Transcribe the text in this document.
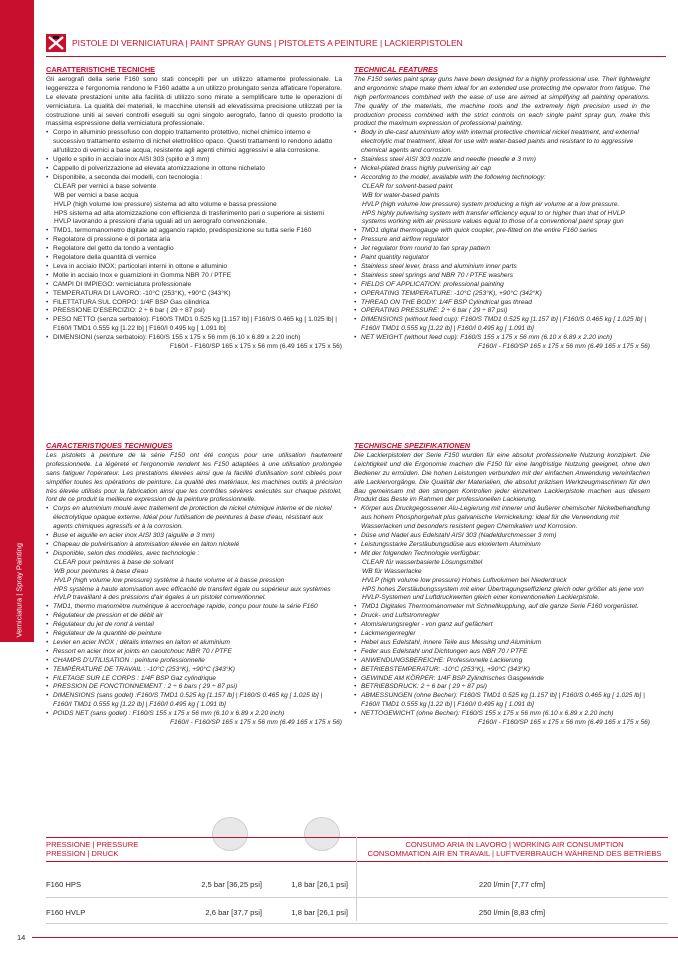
Verniciatura | Spray Painting
PISTOLE DI VERNICIATURA | PAINT SPRAY GUNS | PISTOLETS A PEINTURE | LACKIERPISTOLEN
CARATTERISTICHE TECNICHE

Gli aerografi della serie F160 sono stati concepiti per un utilizzo altamente professionale. La leggerezza e l'ergonomia rendono le F160 adatte a un utilizzo prolungato senza affaticare l'operatore. Le elevate prestazioni unite alla facilità di utilizzo sono mirate a semplificare tutte le operazioni di verniciatura. La qualità dei materiali, le macchine utensili ad elevatissima precisione utilizzati per la costruzione uniti ai severi controlli eseguiti su ogni singolo aerografo, fanno di questo prodotto la massima espressione della verniciatura professionale.

• Corpo in alluminio pressofuso con doppio trattamento protettivo, nichel chimico interno e successivo trattamento esterno di nichel elettrolitico opaco. Questi trattamenti lo rendono adatto all'utilizzo di vernici a base acqua, resistente agli agenti chimici aggressivi e alla corrosione.
• Ugello e spillo in acciaio inox AISI 303 (spillo ø 3 mm)
• Cappello di polverizzazione ad elevata atomizzazione in ottone nichelato
• Disponibile, a seconda dei modelli, con tecnologia :
CLEAR per vernici a base solvente
WB per vernici a base acqua
HVLP (high volume low pressure) sistema ad alto volume e bassa pressione
HPS sistema ad alta atomizzazione con efficienza di trasferimento pari o superiore ai sistemi HVLP lavorando a pressioni d'aria uguali ad un aerografo convenzionale.
• TMD1, termomanometro digitale ad aggancio rapido, predisposizione su tutta serie F160
• Regolatore di pressione e di portata aria
• Regolatore del getto da tondo a ventaglio
• Regolatore della quantità di vernice
• Leva in acciaio INOX; particolari interni in ottone e alluminio
• Molle in acciaio Inox e guarnizioni in Gomma NBR 70 / PTFE
• CAMPI DI IMPIEGO: verniciatura professionale
• TEMPERATURA DI LAVORO: -10°C (253°K), +90°C (343°K)
• FILETTATURA SUL CORPO: 1/4F BSP Gas cilindrica
• PRESSIONE D'ESERCIZIO: 2 ÷ 6 bar ( 29 ÷ 87 psi)
• PESO NETTO (senza serbatoio): F160/S TMD1 0.525 kg [1.157 lb] | F160/S 0.465 kg [ 1.025 lb] | F160/I TMD1 0.555 kg [1.22 lb] | F160/I 0.495 kg [ 1.091 lb]
• DIMENSIONI (senza serbatoio): F160/S 155 x 175 x 56 mm (6.10 x 6.89 x 2.20 inch)
F160/I - F160/SP 165 x 175 x 56 mm (6.49 165 x 175 x 56)
TECHNICAL FEATURES

The F150 series paint spray guns have been designed for a highly professional use. Their lightweight and ergonomic shape make them ideal for an extended use protecting the operator from fatigue. The high performances combined with the ease of use are aimed at simplifying all painting operations. The quality of the materials, the machine tools and the extremely high precision used in the production process combined with the strict controls on each single paint spray gun, make this product the maximum expression of professional painting.

• Body in die-cast aluminium alloy with internal protective chemical nickel treatment, and external electrolytic mat treatment, ideal for use with water-based paints and resistant to to aggressive chemical agents and corrosion.
• Stainless steel AISI 303 nozzle and needle (needle ø 3 mm)
• Nickel-plated brass highly pulverising air cap
• According to the model, available with the following technology:
CLEAR for solvent-based paint
WB for water-based paints
HVLP (high volume low pressure) system producing a high air volume at a low pressure.
HPS highly pulverising system with transfer efficiency equal to or higher than that of HVLP systems working with air pressure values equal to those of a conventional paint spray gun
• TMD1 digital thermogauge with quick coupler, pre-fitted on the entire F160 series
• Pressure and airflow regulator
• Jet regulator from round to fan spray pattern
• Paint quantity regulator
• Stainless steel lever, brass and aluminium inner parts
• Stainless steel springs and NBR 70 / PTFE washers
• FIELDS OF APPLICATION: professional painting
• OPERATING TEMPERATURE: -10°C (253°K), +90°C (342°K)
• THREAD ON THE BODY: 1/4F BSP Cylindrical gas thread
• OPERATING PRESSURE: 2 ÷ 6 bar ( 29 ÷ 87 psi)
• DIMENSIONS (without feed cup): F160/S TMD1 0.525 kg [1.157 lb] | F160/S 0.465 kg [ 1.025 lb] | F160/I TMD1 0.555 kg [1.22 lb] | F160/I 0.495 kg [ 1.091 lb]
• NET WEIGHT (without feed cup): F160/S 155 x 175 x 56 mm (6.10 x 6.89 x 2.20 inch)
F160/I - F160/SP 165 x 175 x 56 mm (6.49 165 x 175 x 56)
CARACTERISTIQUES TECHNIQUES

Les pistolets à peinture de la série F150 ont été conçus pour une utilisation hautement professionnelle. La légèreté et l'ergonomie rendent les F150 adaptées à une utilisation prolongée sans fatiguer l'opérateur. Les prestations élevées ainsi que la facilité d'utilisation sont cibleés pour simplifier toutes les opérations de peinture. La qualité des matériaux, les machines outils à précision très élevée utilisés pour la fabrication ainsi que les contrôles sévères exécutés sur chaque pistolet, font de ce produit la meilleure expression de la peinture professionnelle.

• Corps en aluminium moulé avec traitement de protection de nickel chimique interne et de nickel électrolytique opaque externe. Idéal pour l'utilisation de peintures à base d'eau, résistant aux agents chimiques agressifs et à la corrosion.
• Buse et aiguille en acier inox AISI 303 (aiguille ø 3 mm)
• Chapeau de pulvérisation à atomisation élevée en laiton nickelé
• Disponible, selon des modèles, avec technologie :
CLEAR pour peintures à base de solvant
WB pour peintures à base d'eau
HVLP (high volume low pressure) système à haute volume et à basse pression
HPS système à haute atomisation avec efficacité de transfert égale ou supérieur aux systèmes HVLP travaillant à des pressions d'air égales à un pistolet conventionnel.
• TMD1, thermo manomètre numérique à accrochage rapide, conçu pour toute la série F160
• Régulateur de pression et de débit air
• Régulateur du jet de rond à ventail
• Régulateur de la quantité de peinture
• Levier en acier INOX ; détails internes en laiton et aluminium
• Ressort en acier Inox et joints en caoutchouc NBR 70 / PTFE
• CHAMPS D'UTILISATION : peinture professionnelle
• TEMPÉRATURE DE TRAVAIL : -10°C (253°K), +90°C (343°K)
• FILETAGE SUR LE CORPS : 1/4F BSP Gaz cylindrique
• PRESSION DE FONCTIONNEMENT : 2 ÷ 6 bars ( 29 ÷ 87 psi)
• DIMENSIONS (sans godet) :F160/S TMD1 0.525 kg [1.157 lb] | F160/S 0.465 kg [ 1.025 lb] | F160/I TMD1 0.555 kg [1.22 lb] | F160/I 0.495 kg [ 1.091 lb]
• POIDS NET (sans godet) : F160/S 155 x 175 x 56 mm (6.10 x 6.89 x 2.20 inch)
F160/I - F160/SP 165 x 175 x 56 mm (6.49 165 x 175 x 56)
TECHNISCHE SPEZIFIKATIONEN

Die Lackierpistolen der Serie F150 wurden für eine absolut professionelle Nutzung konzipiert. Die Leichtigkeit und die Ergonomie machen die F150 für eine langfristige Nutzung geeignet, ohne den Bediener zu ermüden. Die hohen Leistungen verbunden mit der einfachen Anwendung vereinfachen alle Lackiervorgänge. Die Qualität der Materialien, die absolut präzisen Werkzeugmaschinen für den Bau gemeinsam mit den strengen Kontrollen jeder einzelnen Lackierpistole machen aus diesem Produkt das Beste im Rahmen der professionellen Lackierung.

• Körper aus Druckgegossener Alu-Legierung mit innerer und äußerer chemischer Nickelbehandlung aus hohem Phosphorgehalt plus galvanische Vernickelung: ideal für die Verwendung mit Wasserlacken und besonders resistent gegen Chemikalien und Korrosion.
• Düse und Nadel aus Edelstahl AISI 303 (Nadeldurchmesser 3 mm)
• Leistungsstarke Zerstäubungsdüse aus eloxiertem Aluminium
• Mit der folgenden Technologie verfügbar:
CLEAR für wasserbasierte Lösungsmittel
WB für Wasserlacke
HVLP (high volume low pressure) Hohes Luftvolumen bei Niederdruck
HPS hohes Zerstäubungssystem mit einer Übertragungseffizienz gleich oder größer als jene von HVLP-Systemen und Luftdruckwerten gleich einer konventionellen Lackierpistole.
• TMD1 Digitales Thermomanometer mit Schnellkupplung, auf die ganze Serie F160 vorgerüstet.
• Druck- und Luftstromregler
• Atomisierungsregler - von ganz auf gefächert
• Lackmengenregler
• Hebel aus Edelstahl, innere Teile aus Messing und Aluminium
• Feder aus Edelstahl und Dichtungen aus NBR 70 / PTFE
• ANWENDUNGSBEREICHE: Professionelle Lackierung
• BETRIEBSTEMPERATUR: -10°C (253°K), +90°C (343°K)
• GEWINDE AM KÖRPER: 1/4F BSP Zylindrisches Gasgewinde
• BETRIEBSDRUCK: 2 ÷ 6 bar ( 29 ÷ 87 psi)
• ABMESSUNGEN (ohne Becher): F160/S TMD1 0.525 kg [1.157 lb] | F160/S 0.465 kg [ 1.025 lb] | F160/I TMD1 0.555 kg [1.22 lb] | F160/I 0.495 kg [ 1.091 lb]
• NETTOGEWICHT (ohne Becher): F160/S 155 x 175 x 56 mm (6.10 x 6.89 x 2.20 inch)
F160/I - F160/SP 165 x 175 x 56 mm (6.49 165 x 175 x 56)
PRESSIONE | PRESSURE
PRESSION | DRUCK
CONSUMO ARIA IN LAVORO | WORKING AIR CONSUMPTION
CONSOMMATION AIR EN TRAVAIL | LUFTVERBRAUCH WÄHREND DES BETRIEBS
F160 HPS	2,5 bar [36,25 psi]	1,8 bar [26,1 psi]	220 l/min [7,77 cfm]
F160 HVLP	2,6 bar [37,7 psi]	1,8 bar [26,1 psi]	250 l/min [8,83 cfm]
14
